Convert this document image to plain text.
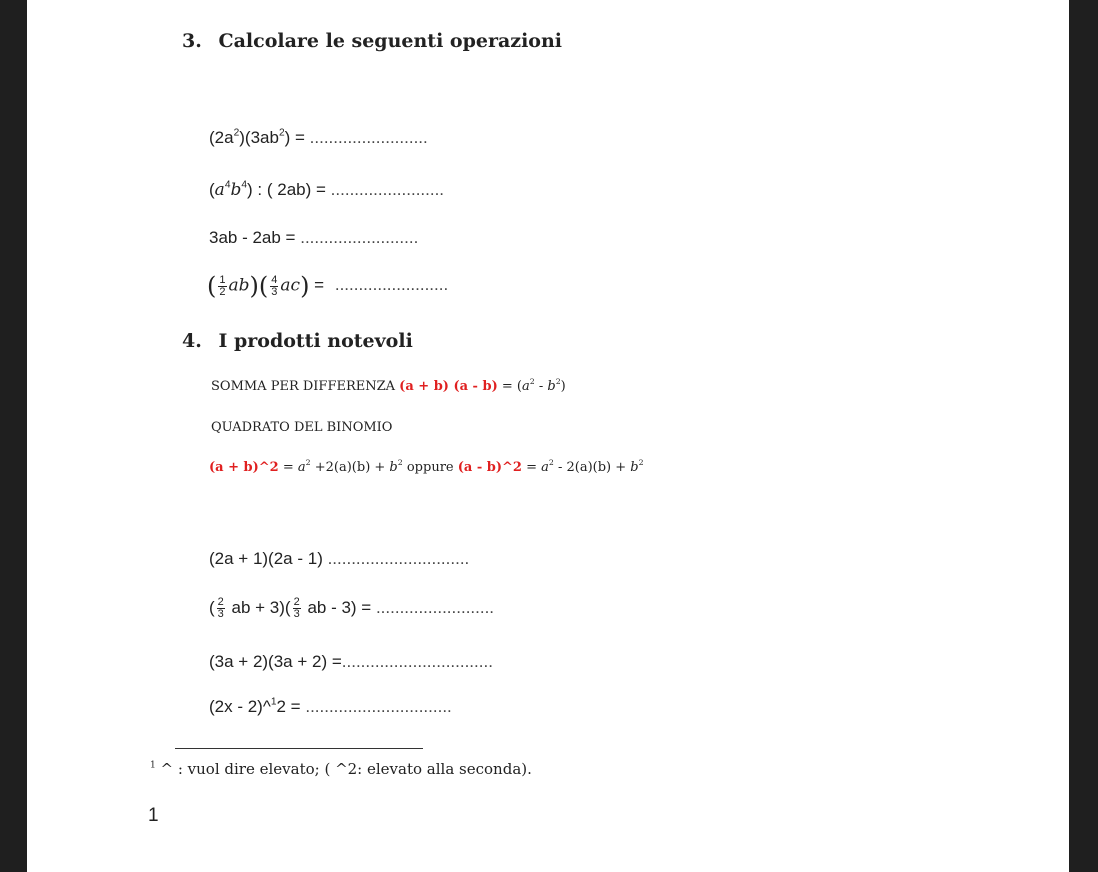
3. Calcolare le seguenti operazioni
$(2a^2)(3ab^2)$ = .........................
$(a^4b^4)$ : ( 2ab) = ........................
3ab - 2ab = .........................
( $\frac{1}{2} ab)( \frac{4}{3} ac)$ = ........................
4. I prodotti notevoli
SOMMA PER DIFFERENZA (a + b) $(a - b) = (a^2 - b^2)$
QUADRATO DEL BINOMIO
(a + b)^2 = $a^2 +2(a)(b) + b^2$ oppure (a - b)^2 = $a^2 - 2(a)(b) + b^2$
(2a + 1)(2a - 1) ..............................
( $\frac{2}{3}$ ab + $3)( \frac{2}{3}$ ab - 3) = .........................
(3a + 2)(3a + 2) =................................
(2x - 2)^$^1$2 = ...............................
$^1$ ^ : vuol dire elevato; ( ^2: elevato alla seconda).
1
